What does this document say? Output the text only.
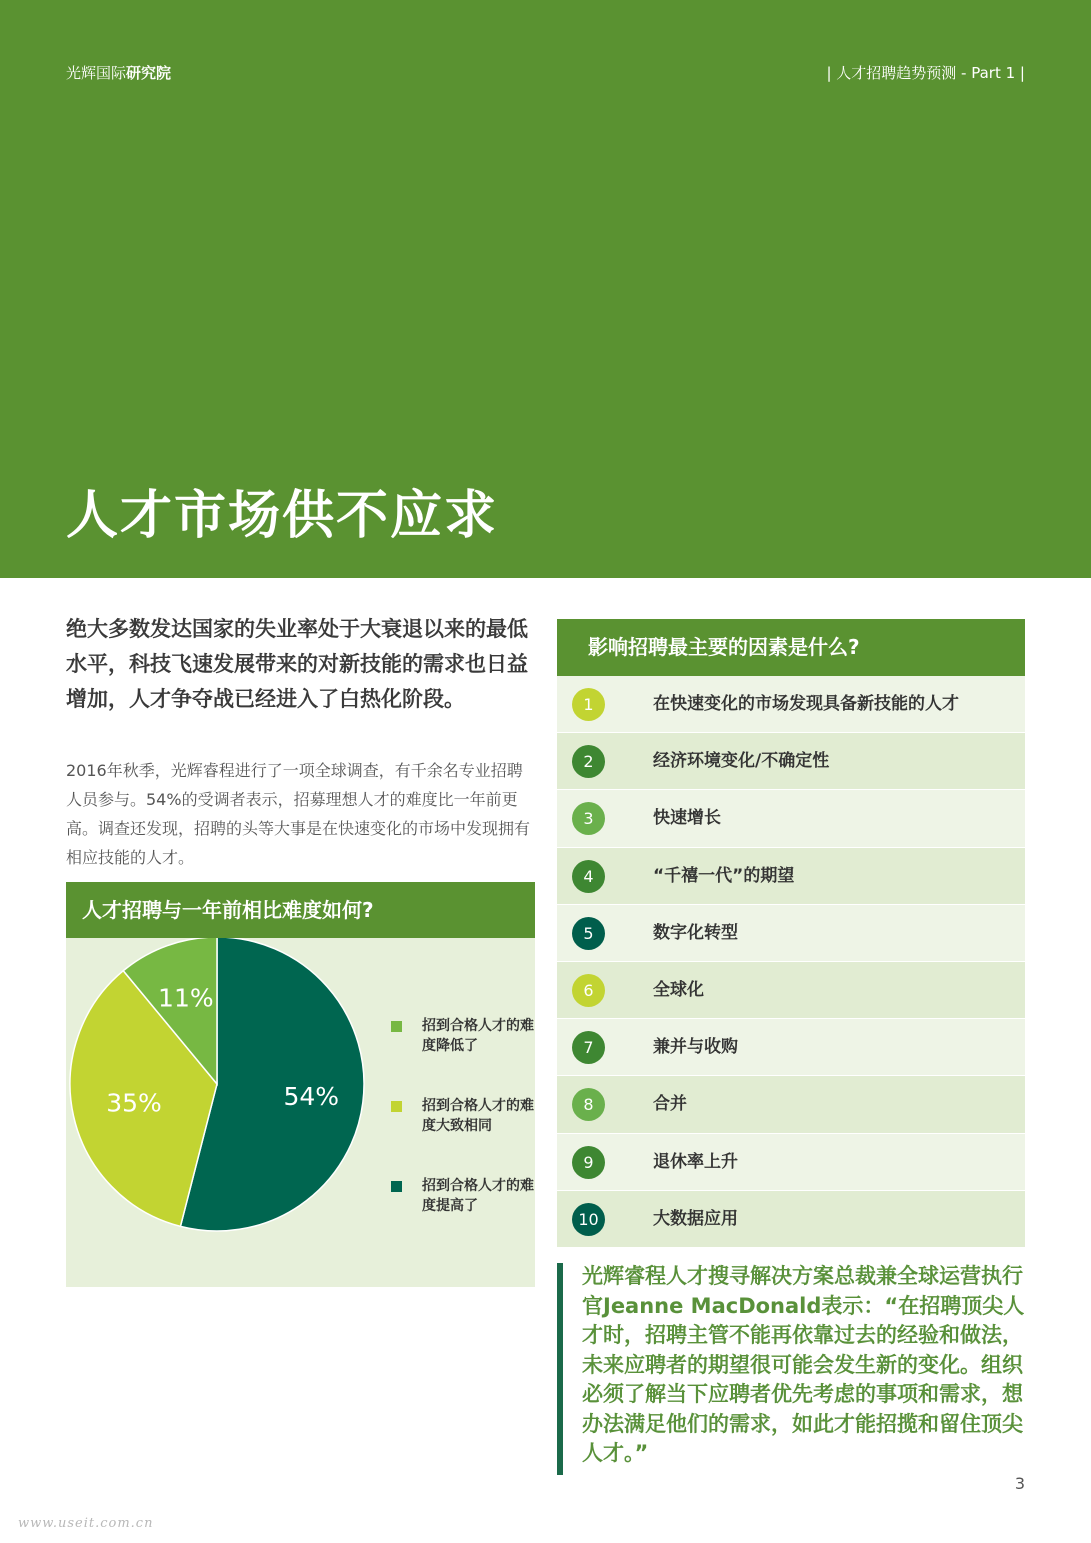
光辉国际研究院	| 人才招聘趋势预测 - Part 1 |
人才市场供不应求

绝大多数发达国家的失业率处于大衰退以来的最低水平，科技飞速发展带来的对新技能的需求也日益增加，人才争夺战已经进入了白热化阶段。

2016年秋季，光辉睿程进行了一项全球调查，有千余名专业招聘人员参与。54%的受调者表示，招募理想人才的难度比一年前更高。调查还发现，招聘的头等大事是在快速变化的市场中发现拥有相应技能的人才。

人才招聘与一年前相比难度如何?
54%
35%
11%
招到合格人才的难度降低了
招到合格人才的难度大致相同
招到合格人才的难度提高了
影响招聘最主要的因素是什么?
1	在快速变化的市场发现具备新技能的人才
2	经济环境变化/不确定性
3	快速增长
4	“千禧一代”的期望
5	数字化转型
6	全球化
7	兼并与收购
8	合并
9	退休率上升
10	大数据应用

光辉睿程人才搜寻解决方案总裁兼全球运营执行官Jeanne MacDonald表示：“在招聘顶尖人才时，招聘主管不能再依靠过去的经验和做法，未来应聘者的期望很可能会发生新的变化。组织必须了解当下应聘者优先考虑的事项和需求，想办法满足他们的需求，如此才能招揽和留住顶尖人才。”

3
www.useit.com.cn
